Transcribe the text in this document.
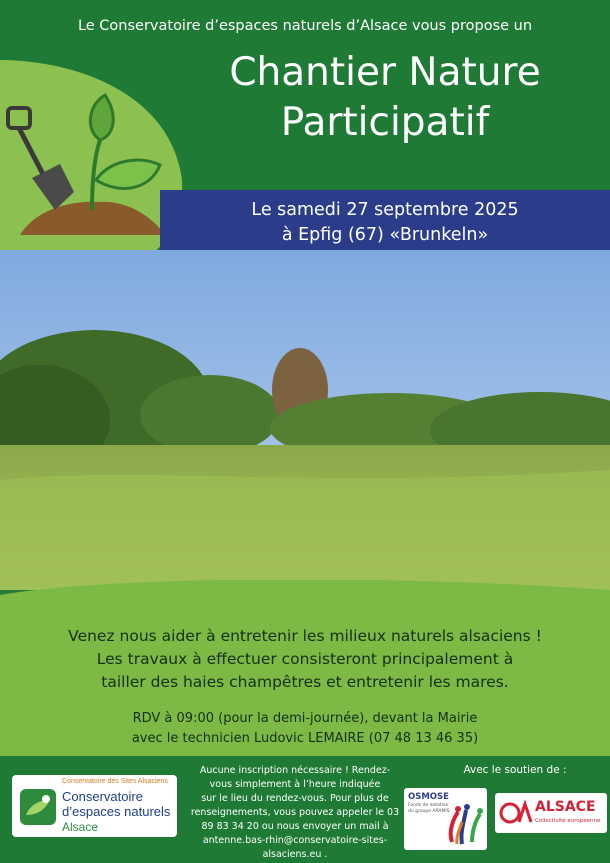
Le Conservatoire d’espaces naturels d’Alsace vous propose un
Chantier Nature
Participatif
Le samedi 27 septembre 2025
à Epfig (67) «Brunkeln»
Venez nous aider à entretenir les milieux naturels alsaciens !
Les travaux à effectuer consisteront principalement à
tailler des haies champêtres et entretenir les mares.
RDV à 09:00 (pour la demi-journée), devant la Mairie
avec le technicien Ludovic LEMAIRE (07 48 13 46 35)
Conservatoire des Sites Alsaciens
Conservatoire
d’espaces naturels
Alsace
Aucune inscription nécessaire ! Rendez-
vous simplement à l’heure indiquée
sur le lieu du rendez-vous. Pour plus de
renseignements, vous pouvez appeler le 03
89 83 34 20 ou nous envoyer un mail à
antenne.bas-rhin@conservatoire-sites-
alsaciens.eu .
Avec le soutien de :
OSMOSE
Fonds de dotation
du groupe ARAMIS	ALSACE
Collectivité européenne
